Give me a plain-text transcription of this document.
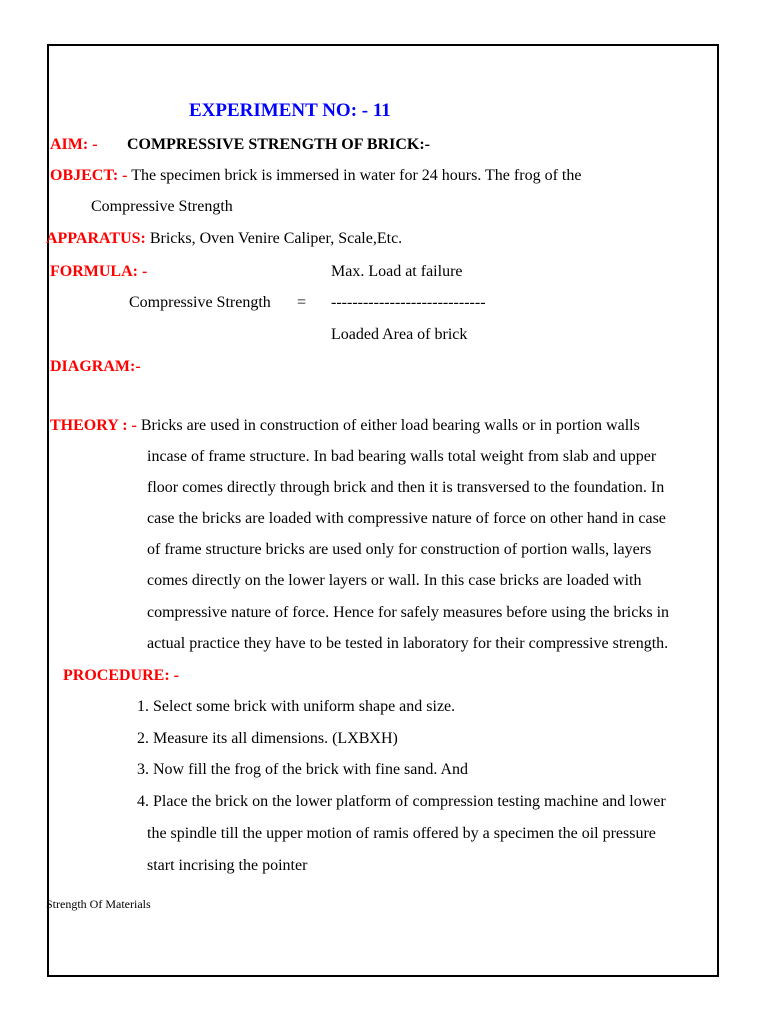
EXPERIMENT NO: - 11
AIM: - COMPRESSIVE STRENGTH OF BRICK:-
OBJECT: - The specimen brick is immersed in water for 24 hours. The frog of the
Compressive Strength
APPARATUS: Bricks, Oven Venire Caliper, Scale,Etc.
FORMULA: -	Max. Load at failure
Compressive Strength = -----------------------------
Loaded Area of brick
DIAGRAM:-
THEORY : - Bricks are used in construction of either load bearing walls or in portion walls
incase of frame structure. In bad bearing walls total weight from slab and upper
floor comes directly through brick and then it is transversed to the foundation. In
case the bricks are loaded with compressive nature of force on other hand in case
of frame structure bricks are used only for construction of portion walls, layers
comes directly on the lower layers or wall. In this case bricks are loaded with
compressive nature of force. Hence for safely measures before using the bricks in
actual practice they have to be tested in laboratory for their compressive strength.
PROCEDURE: -
1. Select some brick with uniform shape and size.
2. Measure its all dimensions. (LXBXH)
3. Now fill the frog of the brick with fine sand. And
4. Place the brick on the lower platform of compression testing machine and lower
the spindle till the upper motion of ramis offered by a specimen the oil pressure
start incrising the pointer
Strength Of Materials
